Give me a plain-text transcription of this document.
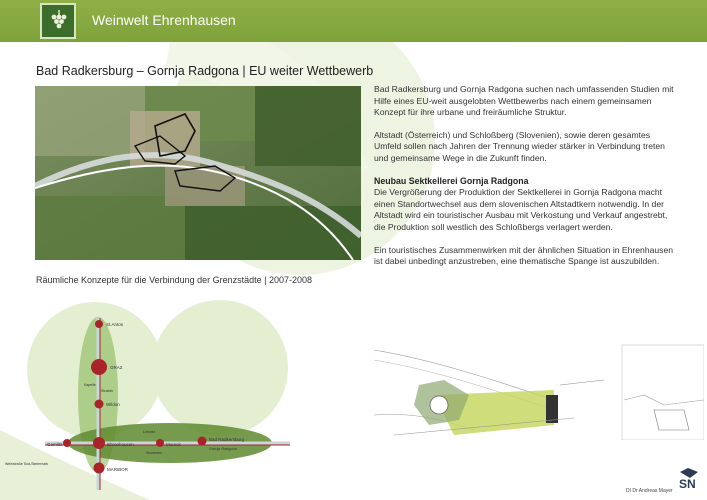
Weinwelt Ehrenhausen
Bad Radkersburg – Gornja Radgona | EU weiter Wettbewerb
Räumliche Konzepte für die Verbindung der Grenzstädte | 2007-2008

Bad Radkersburg und Gornja Radgona suchen nach umfassenden Studien mit Hilfe eines EU-weit ausgelobten Wettbewerbs nach einem gemeinsamen Konzept für ihre urbane und freiräumliche Struktur.

Altstadt (Österreich) und Schloßberg (Slovenien), sowie deren gesamtes Umfeld sollen nach Jahren der Trennung wieder stärker in Verbindung treten und gemeinsame Wege in die Zukunft finden.

Neubau Sektkellerei Gornja Radgona

Die Vergrößerung der Produktion der Sektkellerei in Gornja Radgona macht einen Standortwechsel aus dem slovenischen Altstadtkern notwendig. In der Altstadt wird ein touristischer Ausbau mit Verkostung und Verkauf angestrebt, die Produktion soll westlich des Schloßbergs verlagert werden.

Ein touristisches Zusammenwirken mit der ähnlichen Situation in Ehrenhausen ist dabei unbedingt anzustreben, eine thematische Spange ist auszubilden.

St.Anton
GRAZ
Wildon
Gamlitz	Ehrenhausen	Mureck
Bad Radkersburg
MARIBOR
Kapelle
Straden
Leibnitz
Gornja Radgona
Slowenien
Weinstraße Sud-Steiermark
DI Dr Andreas Mayer SN
